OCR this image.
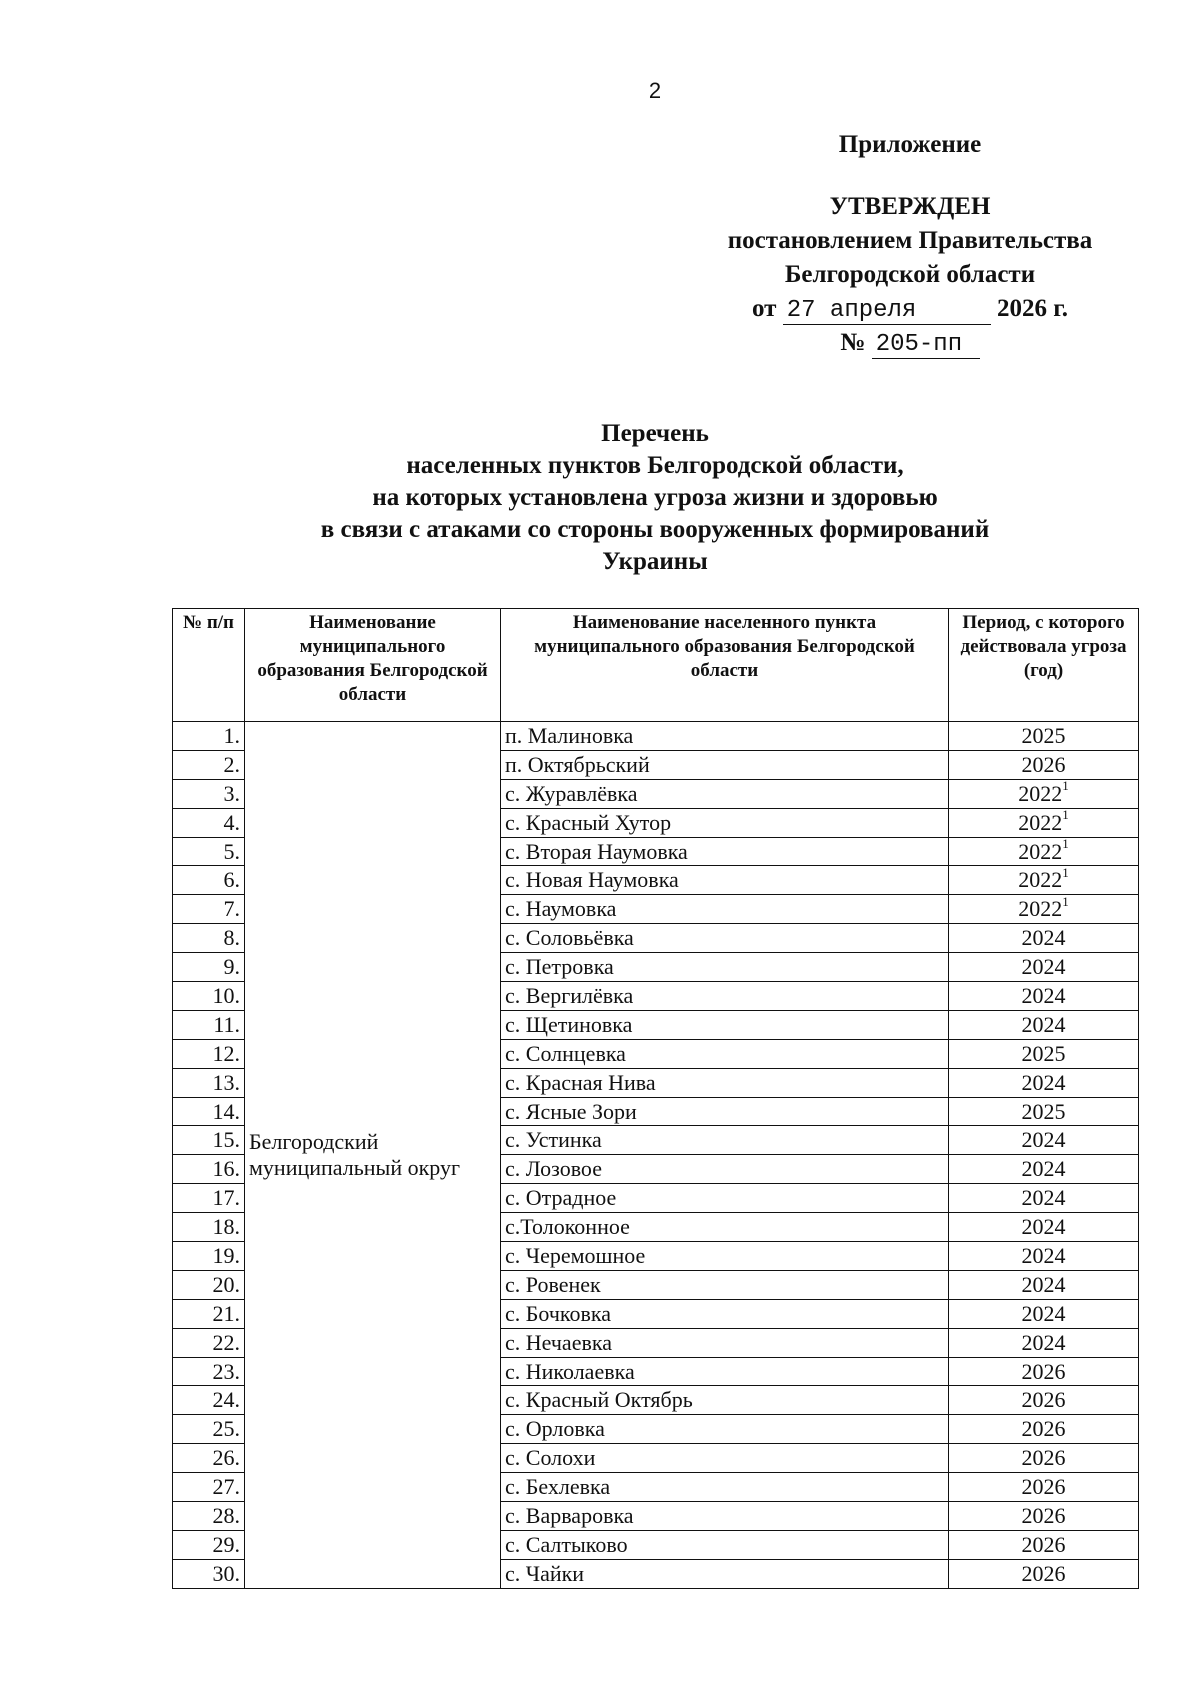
2
Приложение
УТВЕРЖДЕН
постановлением Правительства
Белгородской области
от 27 апреля	2026 г.
№ 205-пп
Перечень
населенных пунктов Белгородской области,
на которых установлена угроза жизни и здоровью
в связи с атаками со стороны вооруженных формирований
Украины
№ п/п	Наименование муниципального образования Белгородской области	Наименование населенного пункта муниципального образования Белгородской области	Период, с которого действовала угроза (год)
1.	Белгородский муниципальный округ	п. Малиновка	2025
2.		п. Октябрьский	2026
3.		с. Журавлёвка	2022$^1$
4.		с. Красный Хутор	2022$^1$
5.		с. Вторая Наумовка	2022$^1$
6.		с. Новая Наумовка	2022$^1$
7.		с. Наумовка	2022$^1$
8.		с. Соловьёвка	2024
9.		с. Петровка	2024
10.		с. Вергилёвка	2024
11.		с. Щетиновка	2024
12.		с. Солнцевка	2025
13.		с. Красная Нива	2024
14.		с. Ясные Зори	2025
15.		с. Устинка	2024
16.		с. Лозовое	2024
17.		с. Отрадное	2024
18.		с.Толоконное	2024
19.		с. Черемошное	2024
20.		с. Ровенек	2024
21.		с. Бочковка	2024
22.		с. Нечаевка	2024
23.		с. Николаевка	2026
24.		с. Красный Октябрь	2026
25.		с. Орловка	2026
26.		с. Солохи	2026
27.		с. Бехлевка	2026
28.		с. Варваровка	2026
29.		с. Салтыково	2026
30.		с. Чайки	2026
